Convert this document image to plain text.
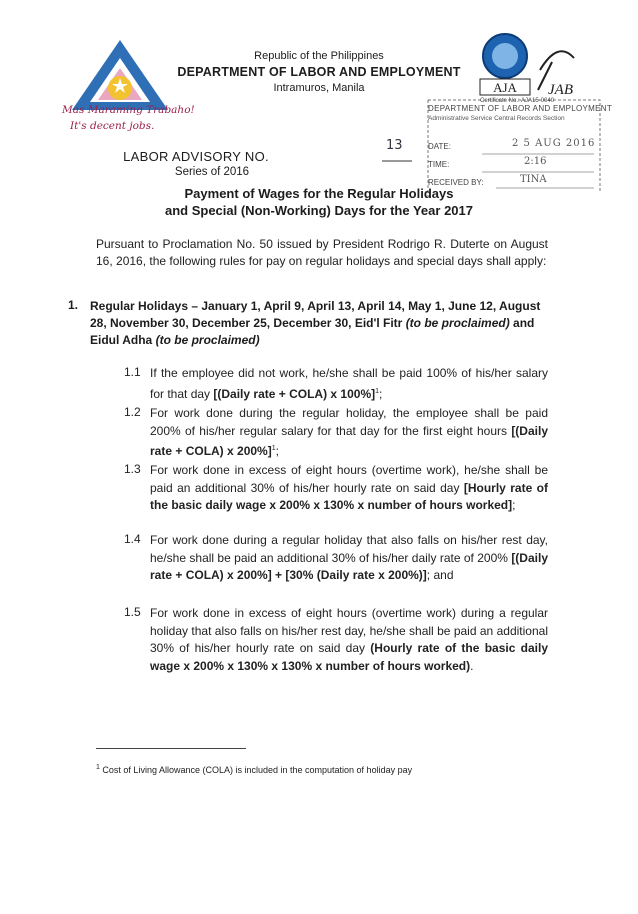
Mas Maraming Trabaho!
It's decent jobs.
Republic of the Philippines
DEPARTMENT OF LABOR AND EMPLOYMENT
Intramuros, Manila	AJA JAB
DEPARTMENT OF LABOR AND EMPLOYMENT
Administrative Service Central Records Section
Certificate No.: AJA15-0040
DATE:	2 5 AUG 2016
TIME:	2:16
RECEIVED BY:	TINA
LABOR ADVISORY NO.
13
Series of 2016
Payment of Wages for the Regular Holidays
and Special (Non-Working) Days for the Year 2017
Pursuant to Proclamation No. 50 issued by President Rodrigo R. Duterte on August 16, 2016, the following rules for pay on regular holidays and special days shall apply:
1. Regular Holidays – January 1, April 9, April 13, April 14, May 1, June 12, August 28, November 30, December 25, December 30, Eid'l Fitr (to be proclaimed) and Eidul Adha (to be proclaimed)
1.1 If the employee did not work, he/she shall be paid 100% of his/her salary for that day [(Daily rate + COLA) x 100%]$^1$;
1.2 For work done during the regular holiday, the employee shall be paid 200% of his/her regular salary for that day for the first eight hours [(Daily rate + COLA) x 200%]$^1$;
1.3 For work done in excess of eight hours (overtime work), he/she shall be paid an additional 30% of his/her hourly rate on said day [Hourly rate of the basic daily wage x 200% x 130% x number of hours worked];
1.4 For work done during a regular holiday that also falls on his/her rest day, he/she shall be paid an additional 30% of his/her daily rate of 200% [(Daily rate + COLA) x 200%] + [30% (Daily rate x 200%)]; and
1.5 For work done in excess of eight hours (overtime work) during a regular holiday that also falls on his/her rest day, he/she shall be paid an additional 30% of his/her hourly rate on said day (Hourly rate of the basic daily wage x 200% x 130% x 130% x number of hours worked).
$^1$ Cost of Living Allowance (COLA) is included in the computation of holiday pay
